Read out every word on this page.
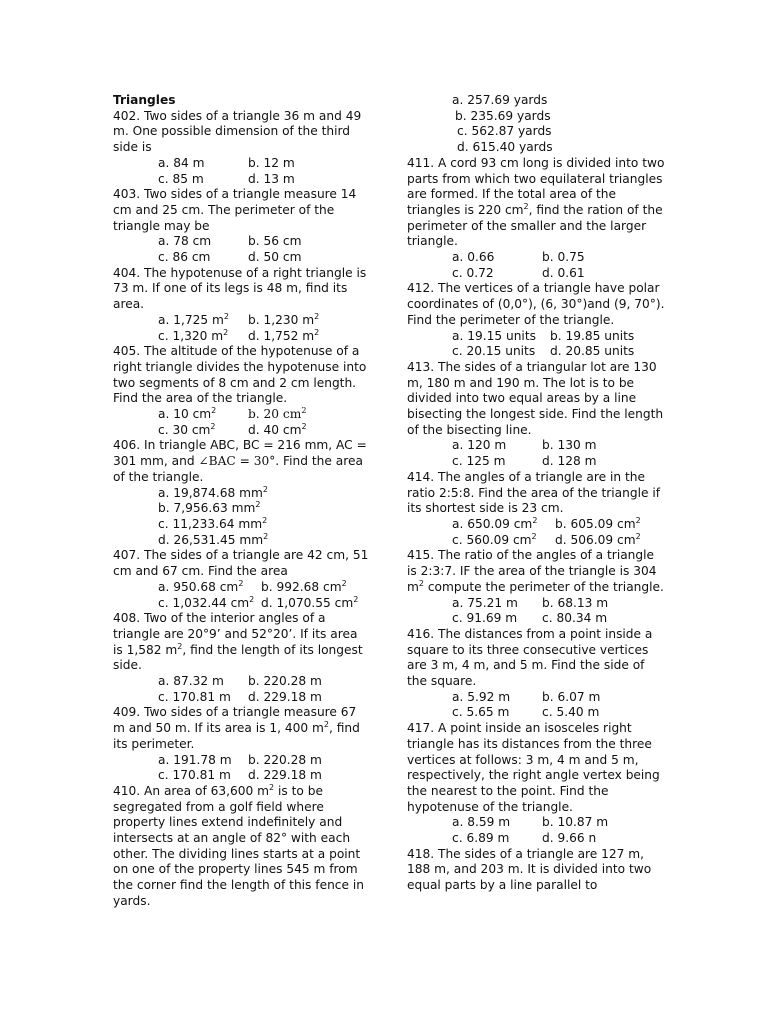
Triangles

402. Two sides of a triangle 36 m and 49 m. One possible dimension of the third side is

a. 84 m	b. 12 m
c. 85 m	d. 13 m

403. Two sides of a triangle measure 14 cm and 25 cm. The perimeter of the triangle may be

a. 78 cm	b. 56 cm
c. 86 cm	d. 50 cm

404. The hypotenuse of a right triangle is 73 m. If one of its legs is 48 m, find its area.

a. 1,725 $m^2$ b. 1,230 $m^2$
c. 1,320 $m^2$ d. 1,752 $m^2$

405. The altitude of the hypotenuse of a right triangle divides the hypotenuse into two segments of 8 cm and 2 cm length. Find the area of the triangle.

a. 10 $cm^2$	b. 20 $cm^2$
c. 30 $cm^2$	d. 40 $cm^2$

406. In triangle ABC, BC = 216 mm, AC = 301 mm, and ∠BAC = 30°. Find the area of the triangle.

a. 19,874.68 $mm^2$
b. 7,956.63 $mm^2$
c. 11,233.64 $mm^2$
d. 26,531.45 $mm^2$

407. The sides of a triangle are 42 cm, 51 cm and 67 cm. Find the area

a. 950.68 $cm^2$ b. 992.68 $cm^2$
c. 1,032.44 $cm^2$ d. 1,070.55 $cm^2$

408. Two of the interior angles of a triangle are 20°9’ and 52°20’. If its area is 1,582 $m^2$, find the length of its longest side.

a. 87.32 m b. 220.28 m
c. 170.81 m d. 229.18 m

409. Two sides of a triangle measure 67 m and 50 m. If its area is 1, 400 $m^2$, find its perimeter.

a. 191.78 m b. 220.28 m
c. 170.81 m d. 229.18 m

410. An area of 63,600 $m^2$ is to be segregated from a golf field where property lines extend indefinitely and intersects at an angle of 82° with each other. The dividing lines starts at a point on one of the property lines 545 m from the corner find the length of this fence in yards.

a. 257.69 yards
b. 235.69 yards
c. 562.87 yards
d. 615.40 yards

411. A cord 93 cm long is divided into two parts from which two equilateral triangles are formed. If the total area of the triangles is 220 $cm^2$, find the ration of the perimeter of the smaller and the larger triangle.

a. 0.66	b. 0.75
c. 0.72	d. 0.61

412. The vertices of a triangle have polar coordinates of (0,0°), (6, 30°)and (9, 70°). Find the perimeter of the triangle.

a. 19.15 units b. 19.85 units
c. 20.15 units d. 20.85 units

413. The sides of a triangular lot are 130 m, 180 m and 190 m. The lot is to be divided into two equal areas by a line bisecting the longest side. Find the length of the bisecting line.

a. 120 m	b. 130 m
c. 125 m	d. 128 m

414. The angles of a triangle are in the ratio 2:5:8. Find the area of the triangle if its shortest side is 23 cm.

a. 650.09 $cm^2$ b. 605.09 $cm^2$
c. 560.09 $cm^2$ d. 506.09 $cm^2$

415. The ratio of the angles of a triangle is 2:3:7. IF the area of the triangle is 304 $m^2$ compute the perimeter of the triangle.

a. 75.21 m b. 68.13 m
c. 91.69 m c. 80.34 m

416. The distances from a point inside a square to its three consecutive vertices are 3 m, 4 m, and 5 m. Find the side of the square.

a. 5.92 m	b. 6.07 m
c. 5.65 m	c. 5.40 m

417. A point inside an isosceles right triangle has its distances from the three vertices at follows: 3 m, 4 m and 5 m, respectively, the right angle vertex being the nearest to the point. Find the hypotenuse of the triangle.

a. 8.59 m	b. 10.87 m
c. 6.89 m	d. 9.66 n

418. The sides of a triangle are 127 m, 188 m, and 203 m. It is divided into two equal parts by a line parallel to
